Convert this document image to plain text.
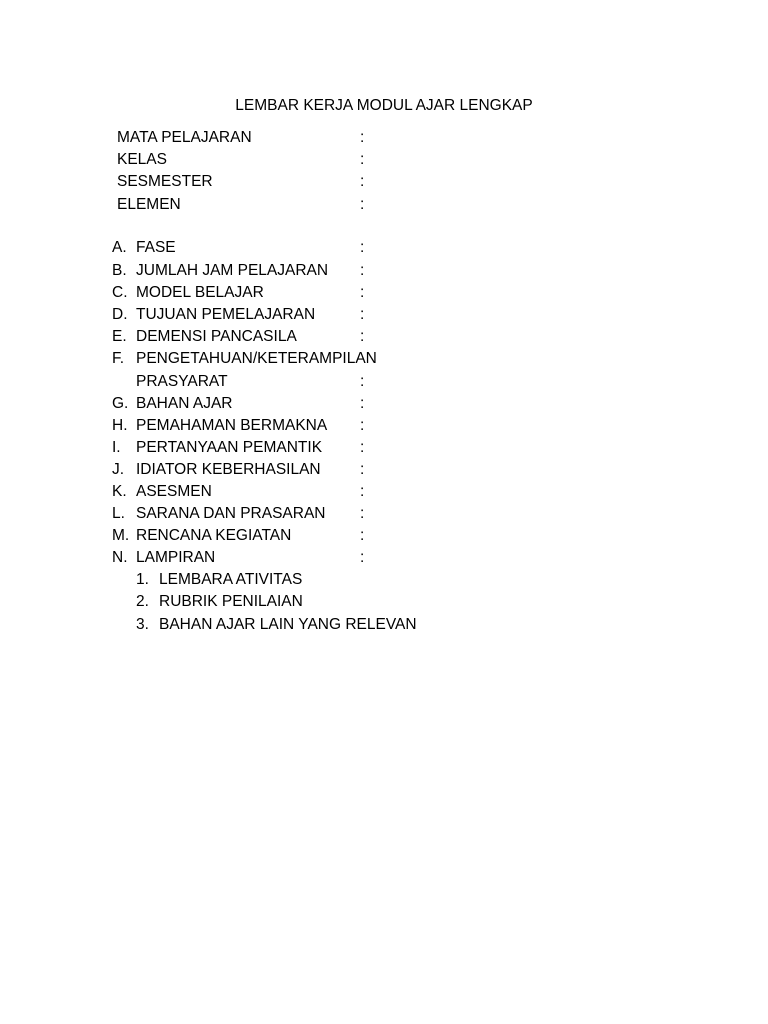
LEMBAR KERJA MODUL AJAR LENGKAP
MATA PELAJARAN	:
KELAS	:
SESMESTER	:
ELEMEN	:
A. FASE	:
B. JUMLAH JAM PELAJARAN :
C. MODEL BELAJAR	:
D. TUJUAN PEMELAJARAN	:
E. DEMENSI PANCASILA	:
F. PENGETAHUAN/KETERAMPILAN
PRASYARAT	:
G. BAHAN AJAR	:
H. PEMAHAMAN BERMAKNA :
I. PERTANYAAN PEMANTIK :
J. IDIATOR KEBERHASILAN	:
K. ASESMEN	:
L. SARANA DAN PRASARAN :
M. RENCANA KEGIATAN	:
N. LAMPIRAN	:
1. LEMBARA ATIVITAS
2. RUBRIK PENILAIAN
3. BAHAN AJAR LAIN YANG RELEVAN
